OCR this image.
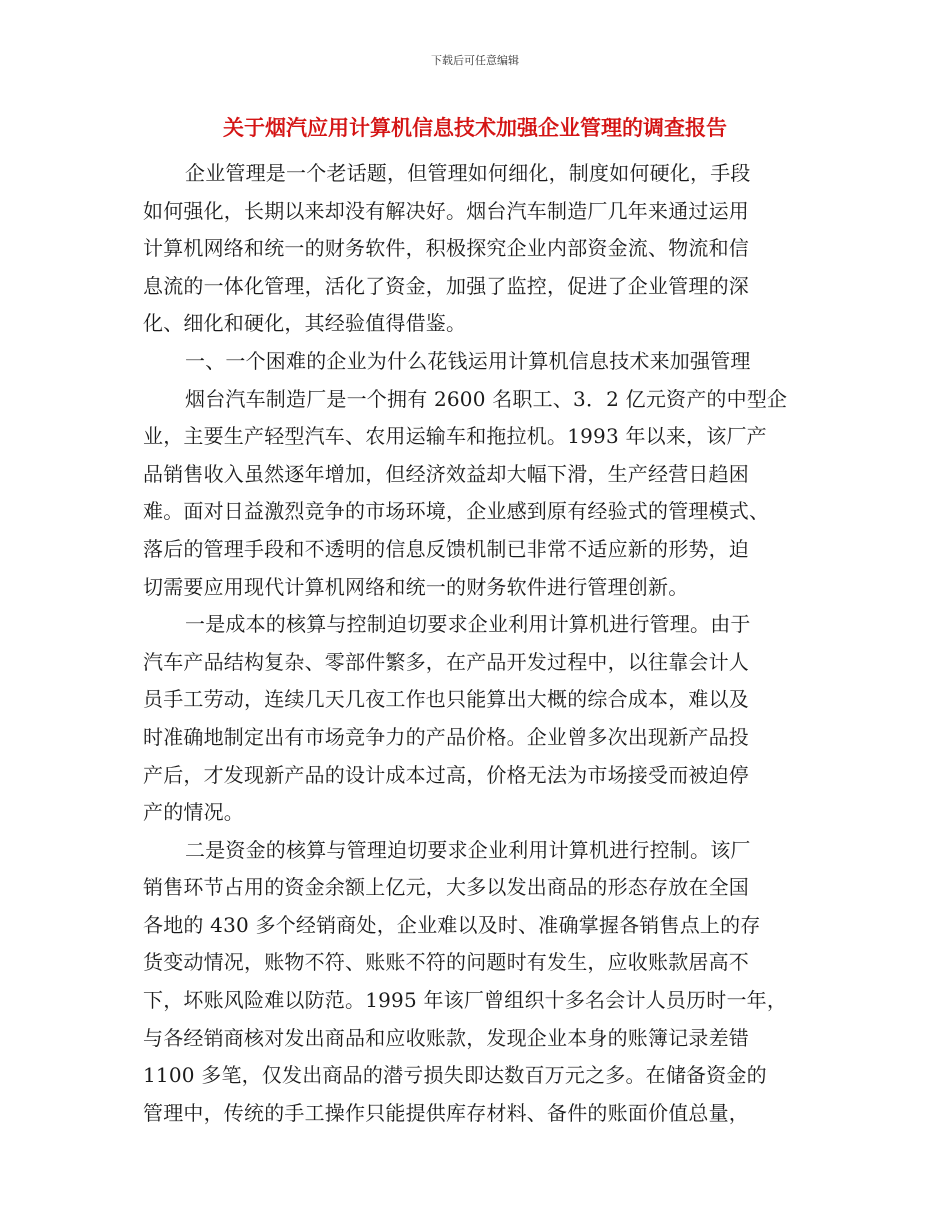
下载后可任意编辑
关于烟汽应用计算机信息技术加强企业管理的调查报告
企业管理是一个老话题，但管理如何细化，制度如何硬化，手段
如何强化，长期以来却没有解决好。烟台汽车制造厂几年来通过运用
计算机网络和统一的财务软件，积极探究企业内部资金流、物流和信
息流的一体化管理，活化了资金，加强了监控，促进了企业管理的深
化、细化和硬化，其经验值得借鉴。
一、一个困难的企业为什么花钱运用计算机信息技术来加强管理
烟台汽车制造厂是一个拥有 2600 名职工、3．2 亿元资产的中型企
业，主要生产轻型汽车、农用运输车和拖拉机。1993 年以来，该厂产
品销售收入虽然逐年增加，但经济效益却大幅下滑，生产经营日趋困
难。面对日益激烈竞争的市场环境，企业感到原有经验式的管理模式、
落后的管理手段和不透明的信息反馈机制已非常不适应新的形势，迫
切需要应用现代计算机网络和统一的财务软件进行管理创新。
一是成本的核算与控制迫切要求企业利用计算机进行管理。由于
汽车产品结构复杂、零部件繁多，在产品开发过程中，以往靠会计人
员手工劳动，连续几天几夜工作也只能算出大概的综合成本，难以及
时准确地制定出有市场竞争力的产品价格。企业曾多次出现新产品投
产后，才发现新产品的设计成本过高，价格无法为市场接受而被迫停
产的情况。
二是资金的核算与管理迫切要求企业利用计算机进行控制。该厂
销售环节占用的资金余额上亿元，大多以发出商品的形态存放在全国
各地的 430 多个经销商处，企业难以及时、准确掌握各销售点上的存
货变动情况，账物不符、账账不符的问题时有发生，应收账款居高不
下，坏账风险难以防范。1995 年该厂曾组织十多名会计人员历时一年，
与各经销商核对发出商品和应收账款，发现企业本身的账簿记录差错
1100 多笔，仅发出商品的潜亏损失即达数百万元之多。在储备资金的
管理中，传统的手工操作只能提供库存材料、备件的账面价值总量，
